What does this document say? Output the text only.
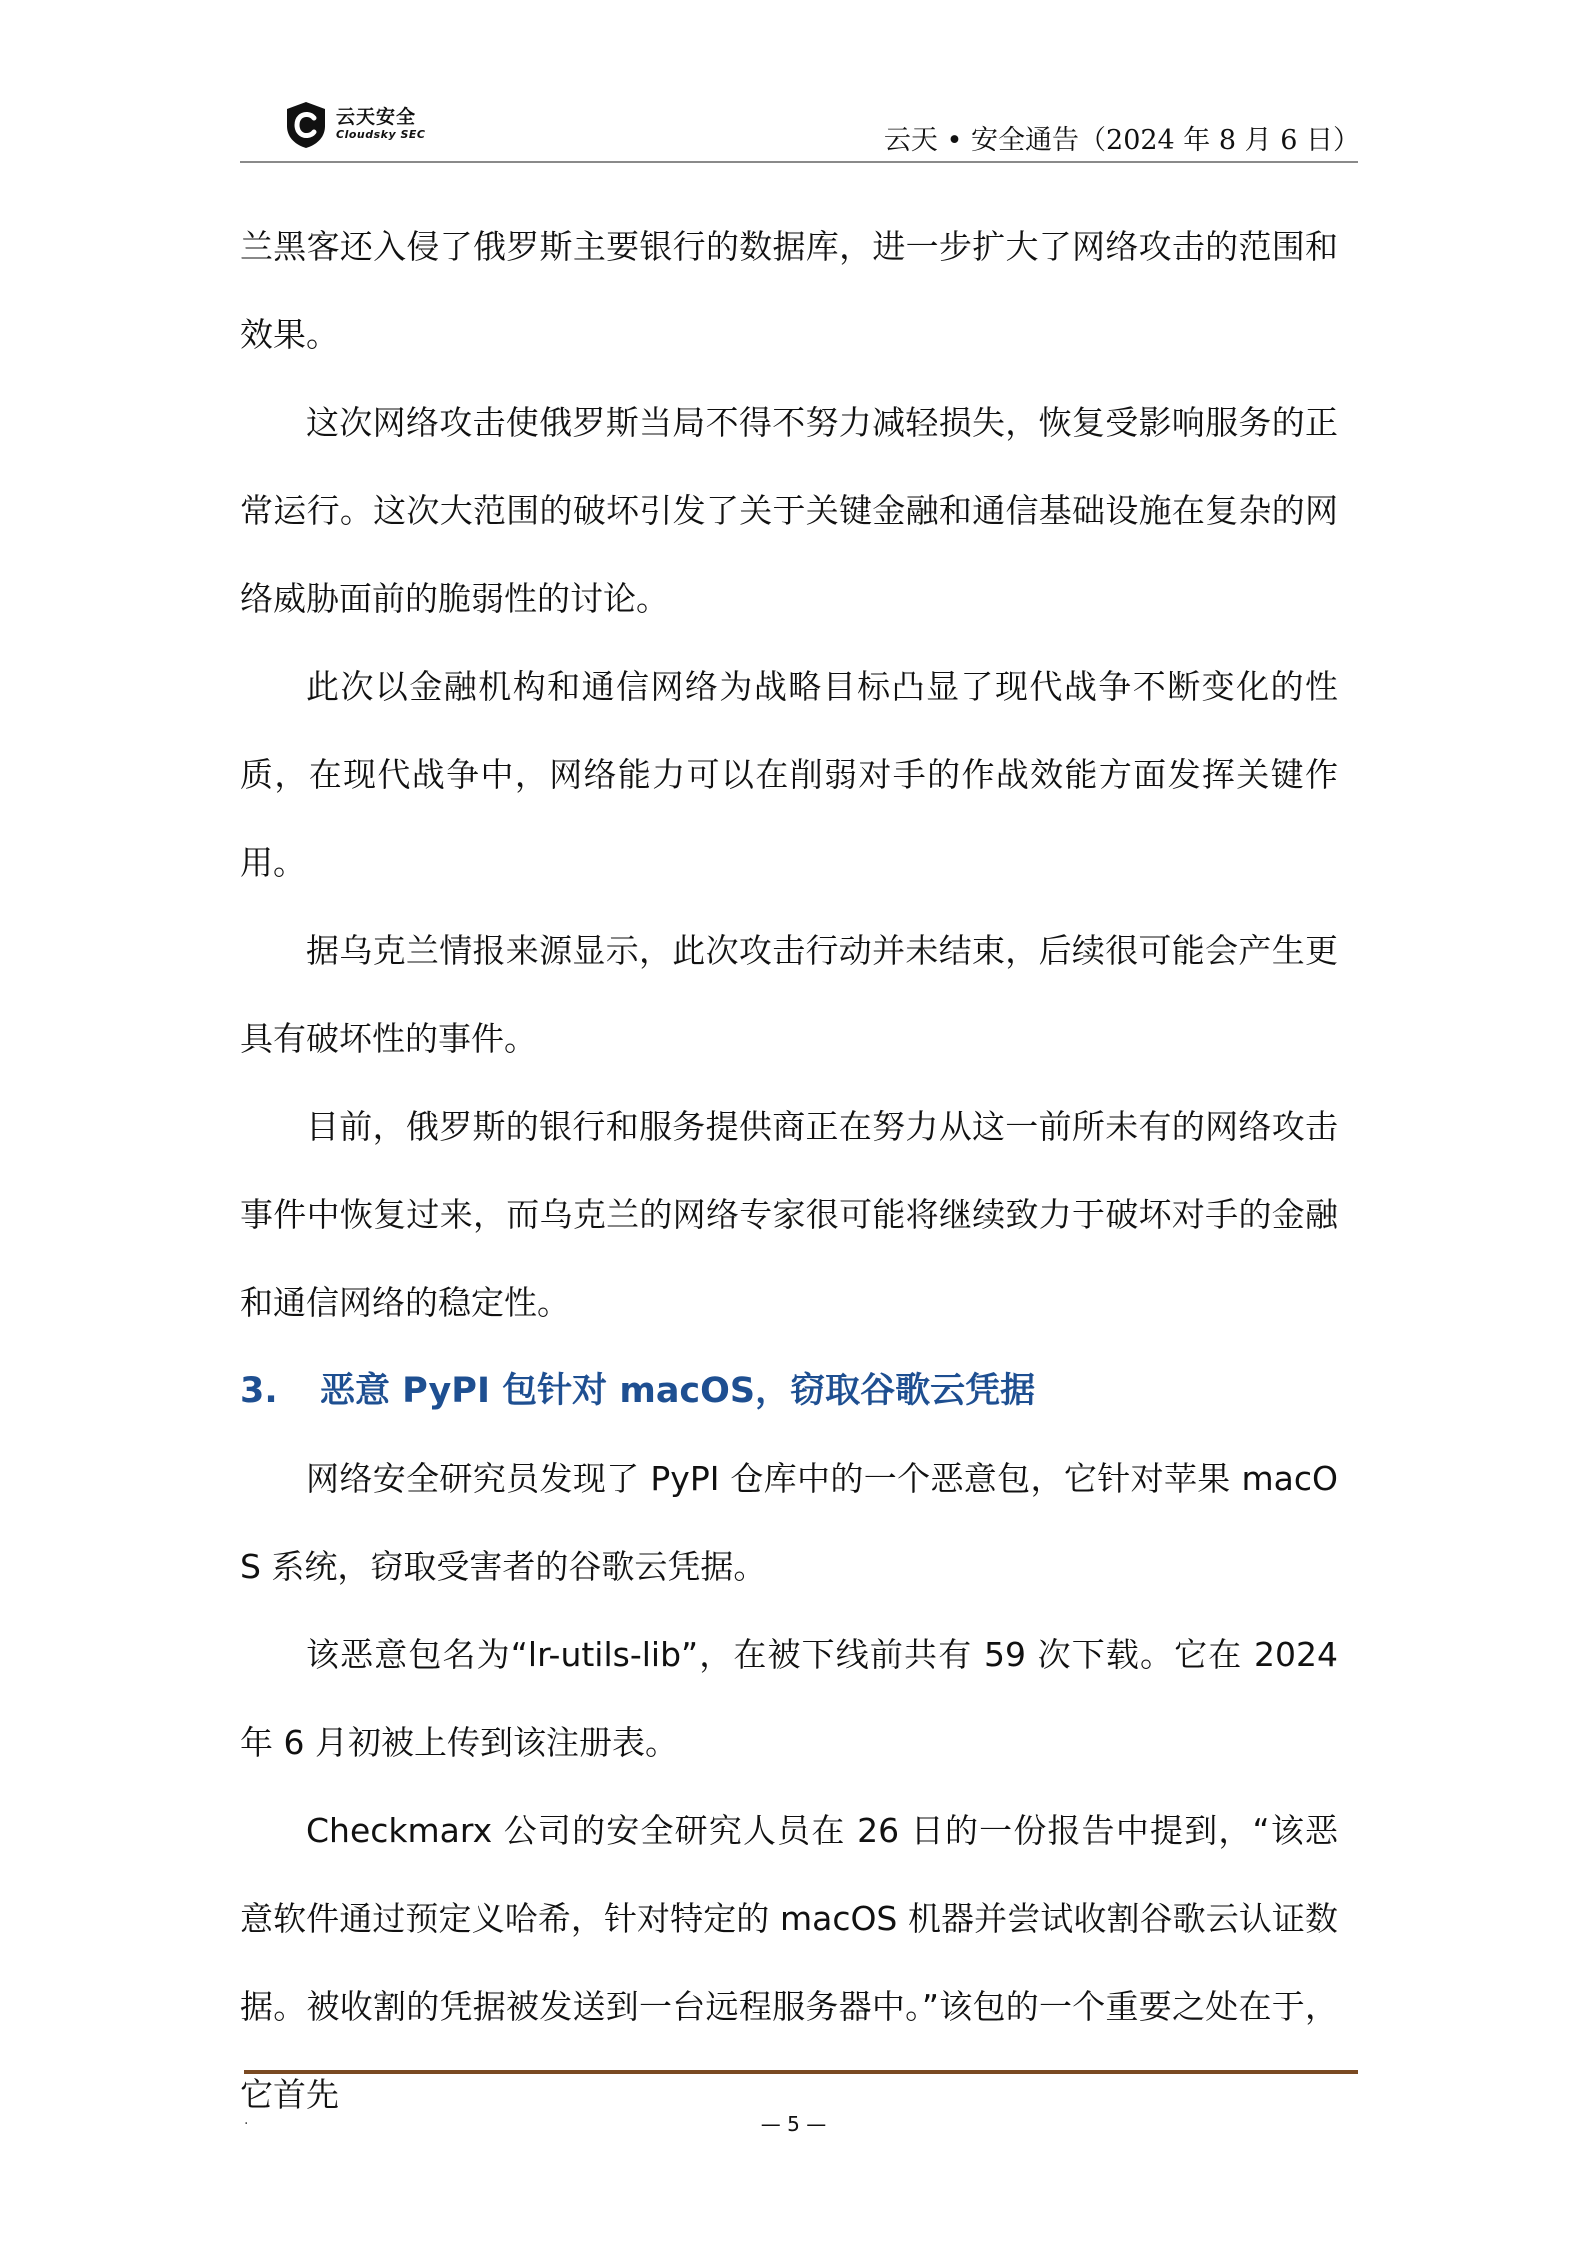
云天安全
Cloudsky SEC	云天 • 安全通告（2024 年 8 月 6 日）

兰黑客还入侵了俄罗斯主要银行的数据库，进一步扩大了网络攻击的范围和效果。

这次网络攻击使俄罗斯当局不得不努力减轻损失，恢复受影响服务的正常运行。这次大范围的破坏引发了关于关键金融和通信基础设施在复杂的网络威胁面前的脆弱性的讨论。

此次以金融机构和通信网络为战略目标凸显了现代战争不断变化的性质，在现代战争中，网络能力可以在削弱对手的作战效能方面发挥关键作用。

据乌克兰情报来源显示，此次攻击行动并未结束，后续很可能会产生更具有破坏性的事件。

目前，俄罗斯的银行和服务提供商正在努力从这一前所未有的网络攻击事件中恢复过来，而乌克兰的网络专家很可能将继续致力于破坏对手的金融和通信网络的稳定性。

3. 恶意 PyPI 包针对 macOS，窃取谷歌云凭据

网络安全研究员发现了 PyPI 仓库中的一个恶意包，它针对苹果 macOS 系统，窃取受害者的谷歌云凭据。

该恶意包名为“lr-utils-lib”，在被下线前共有 59 次下载。它在 2024 年 6 月初被上传到该注册表。

Checkmarx 公司的安全研究人员在 26 日的一份报告中提到，“该恶意软件通过预定义哈希，针对特定的 macOS 机器并尝试收割谷歌云认证数据。被收割的凭据被发送到一台远程服务器中。”该包的一个重要之处在于，它首先

.	— 5 —
